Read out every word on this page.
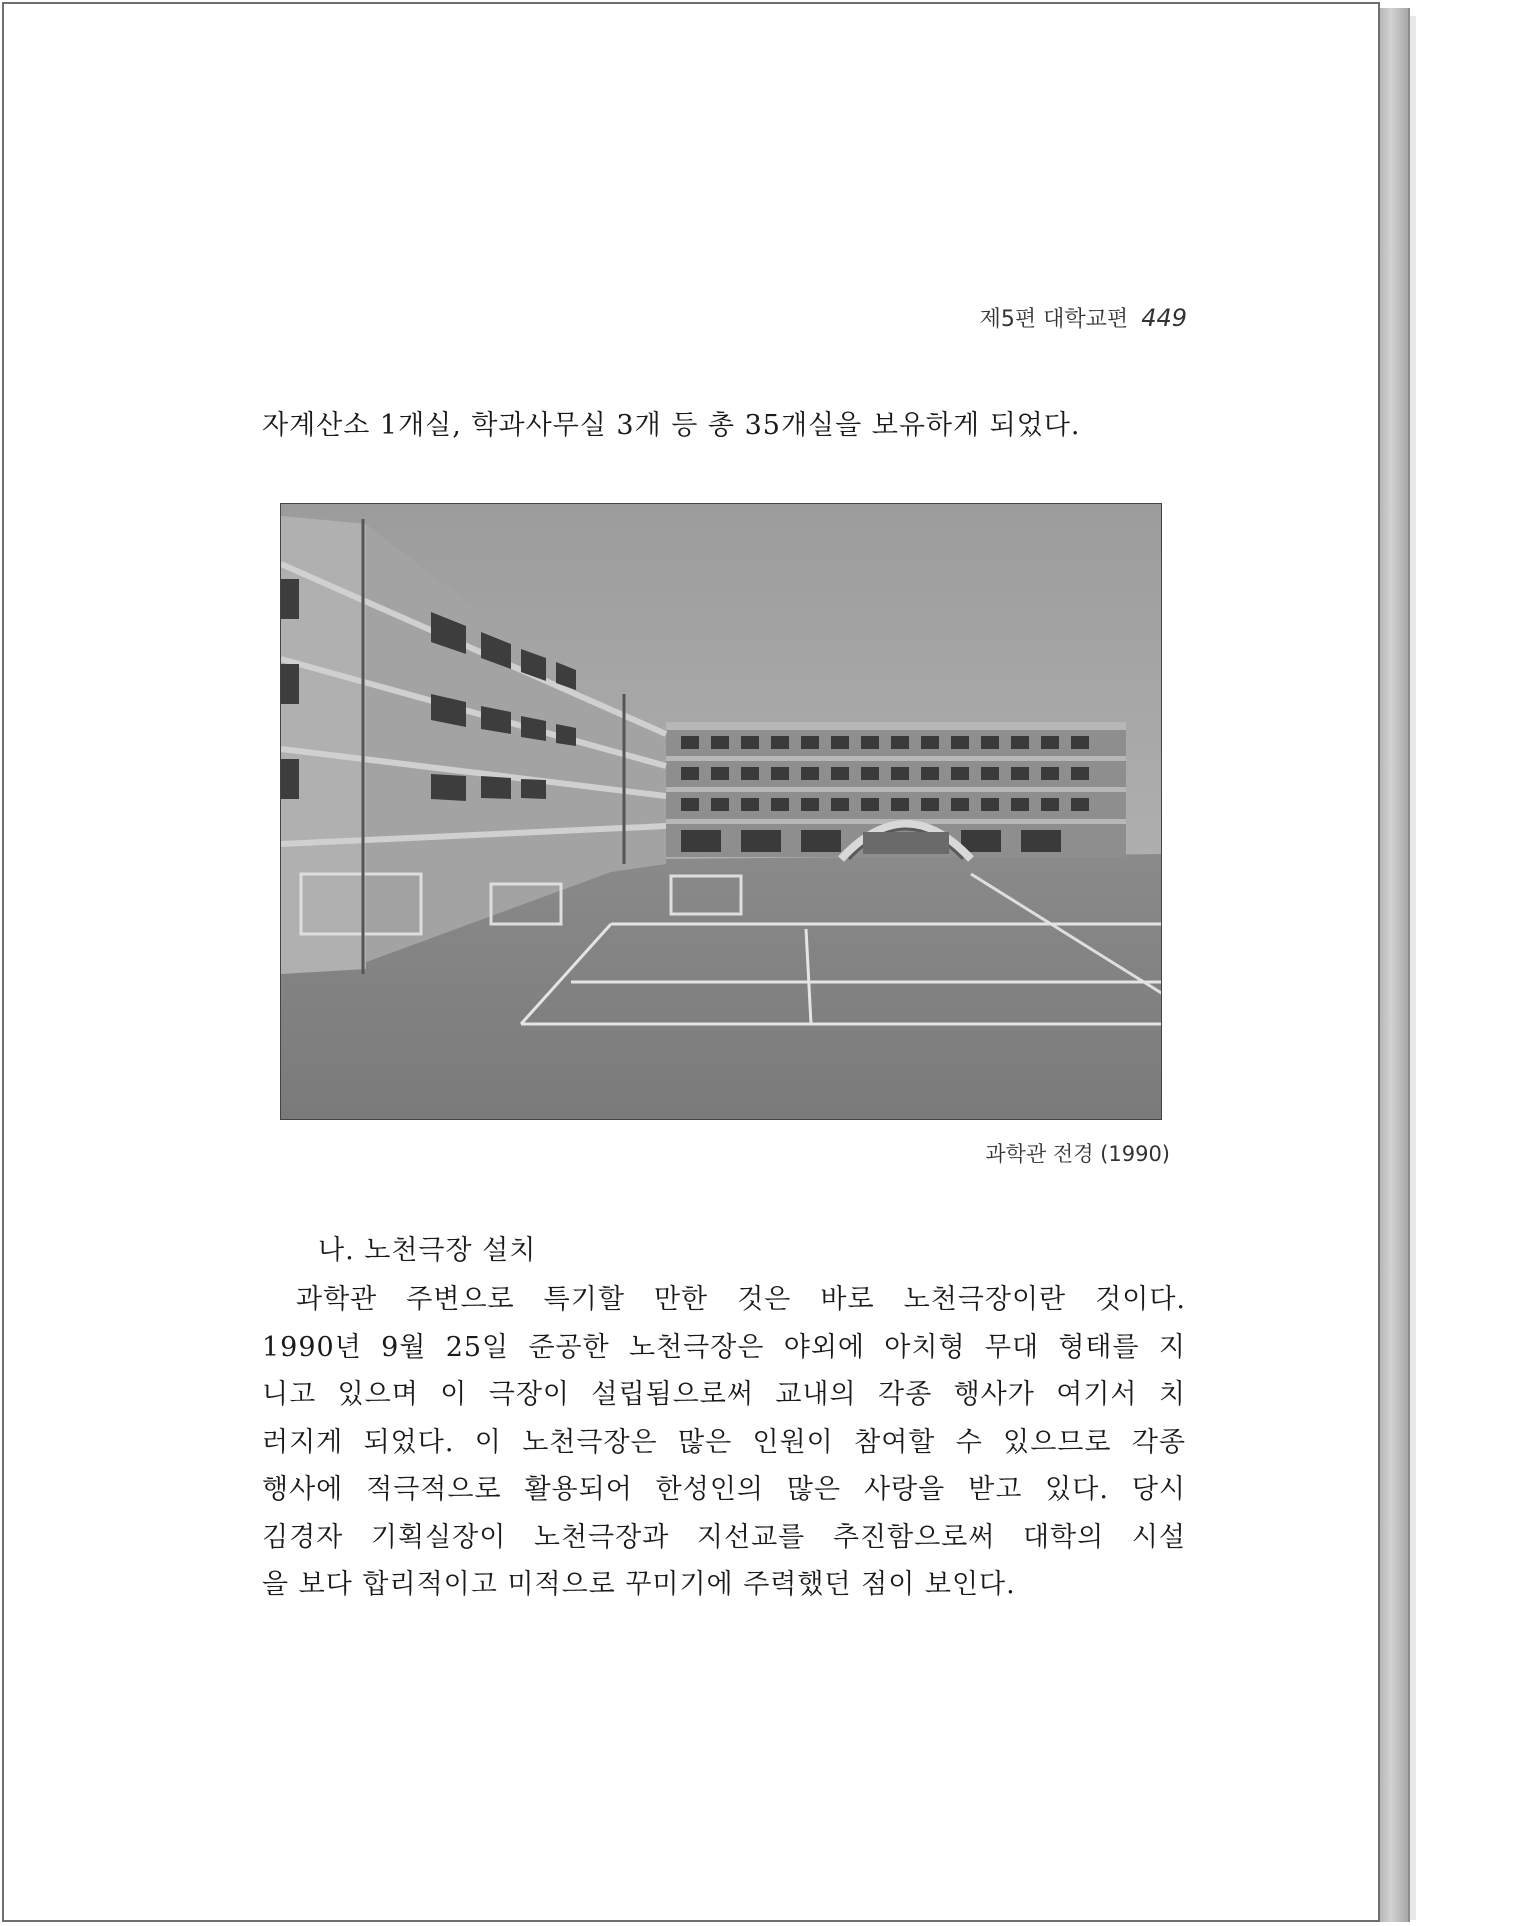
제5편 대학교편 449
자계산소 1개실, 학과사무실 3개 등 총 35개실을 보유하게 되었다.
과학관 전경 (1990)
나. 노천극장 설치
과학관 주변으로 특기할 만한 것은 바로 노천극장이란 것이다.
1990년 9월 25일 준공한 노천극장은 야외에 아치형 무대 형태를 지
니고 있으며 이 극장이 설립됨으로써 교내의 각종 행사가 여기서 치
러지게 되었다. 이 노천극장은 많은 인원이 참여할 수 있으므로 각종
행사에 적극적으로 활용되어 한성인의 많은 사랑을 받고 있다. 당시
김경자 기획실장이 노천극장과 지선교를 추진함으로써 대학의 시설
을 보다 합리적이고 미적으로 꾸미기에 주력했던 점이 보인다.
